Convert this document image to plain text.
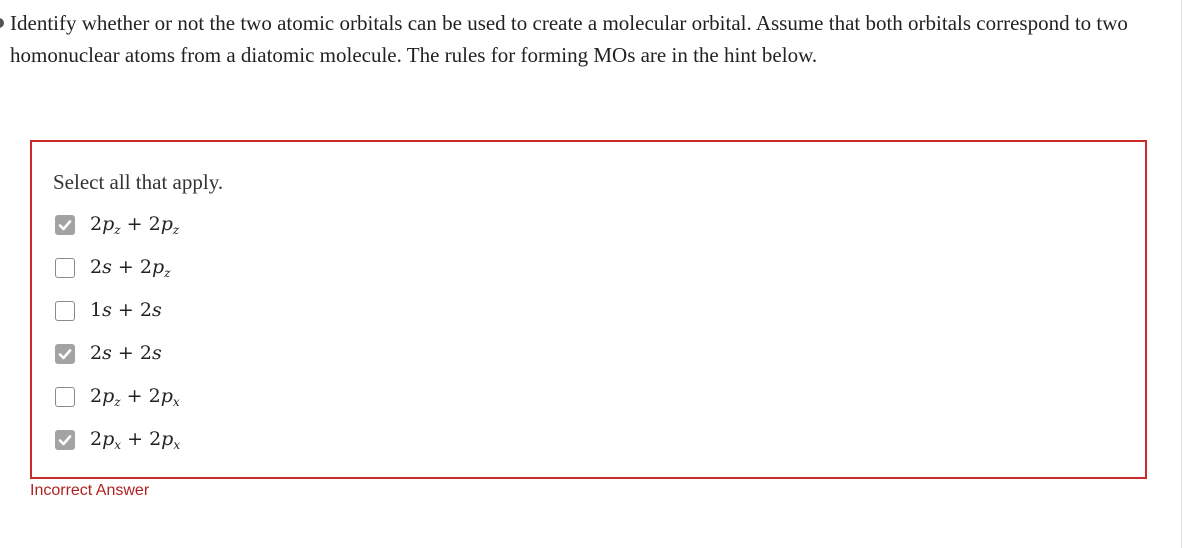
Identify whether or not the two atomic orbitals can be used to create a molecular orbital. Assume that both orbitals correspond to two homonuclear atoms from a diatomic molecule. The rules for forming MOs are in the hint below.
Select all that apply.
$2p_z + 2p_z$
$2s + 2p_z$
1s + 2s
2s + 2s
$2p_z + 2p_x$
$2p_x + 2p_x$
Incorrect Answer
